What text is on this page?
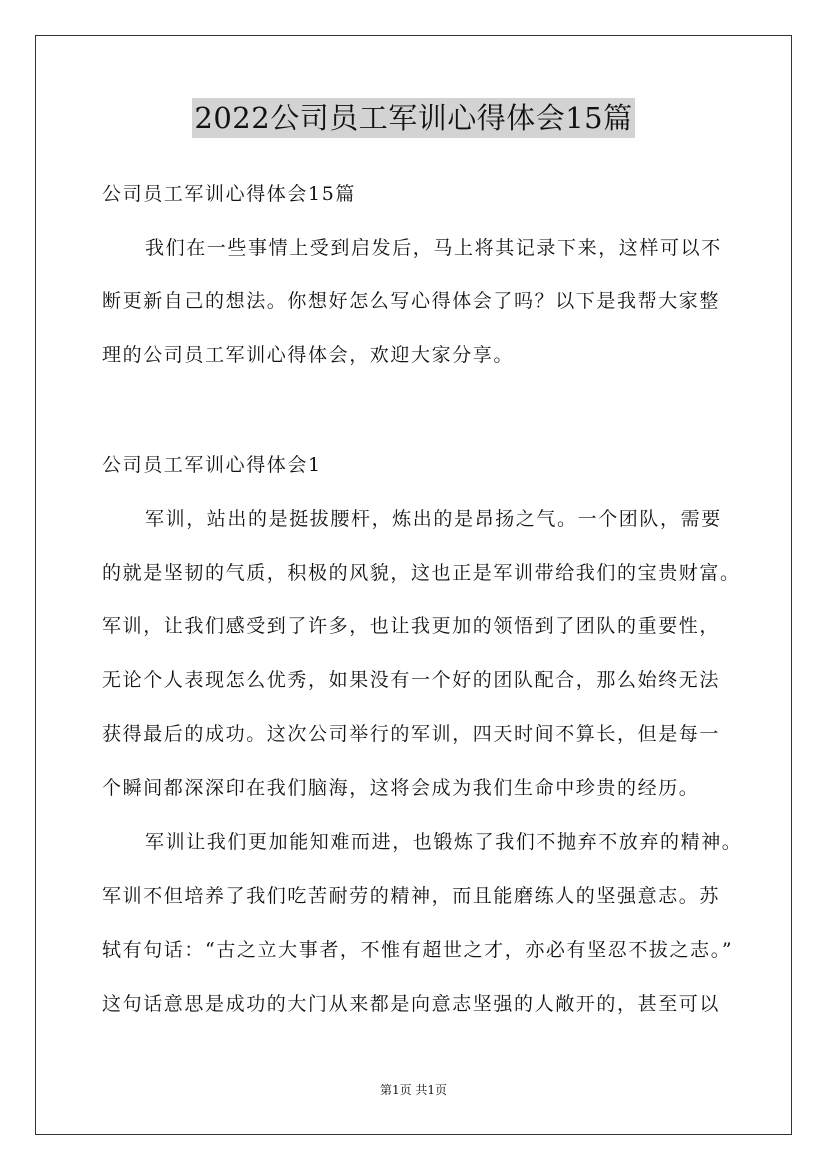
2022公司员工军训心得体会15篇
公司员工军训心得体会15篇
我们在一些事情上受到启发后，马上将其记录下来，这样可以不
断更新自己的想法。你想好怎么写心得体会了吗？以下是我帮大家整
理的公司员工军训心得体会，欢迎大家分享。
公司员工军训心得体会1
军训，站出的是挺拔腰杆，炼出的是昂扬之气。一个团队，需要
的就是坚韧的气质，积极的风貌，这也正是军训带给我们的宝贵财富。
军训，让我们感受到了许多，也让我更加的领悟到了团队的重要性，
无论个人表现怎么优秀，如果没有一个好的团队配合，那么始终无法
获得最后的成功。这次公司举行的军训，四天时间不算长，但是每一
个瞬间都深深印在我们脑海，这将会成为我们生命中珍贵的经历。
军训让我们更加能知难而进，也锻炼了我们不抛弃不放弃的精神。
军训不但培养了我们吃苦耐劳的精神，而且能磨练人的坚强意志。苏
轼有句话：“古之立大事者，不惟有超世之才，亦必有坚忍不拔之志。”
这句话意思是成功的大门从来都是向意志坚强的人敞开的，甚至可以
第1页 共1页
